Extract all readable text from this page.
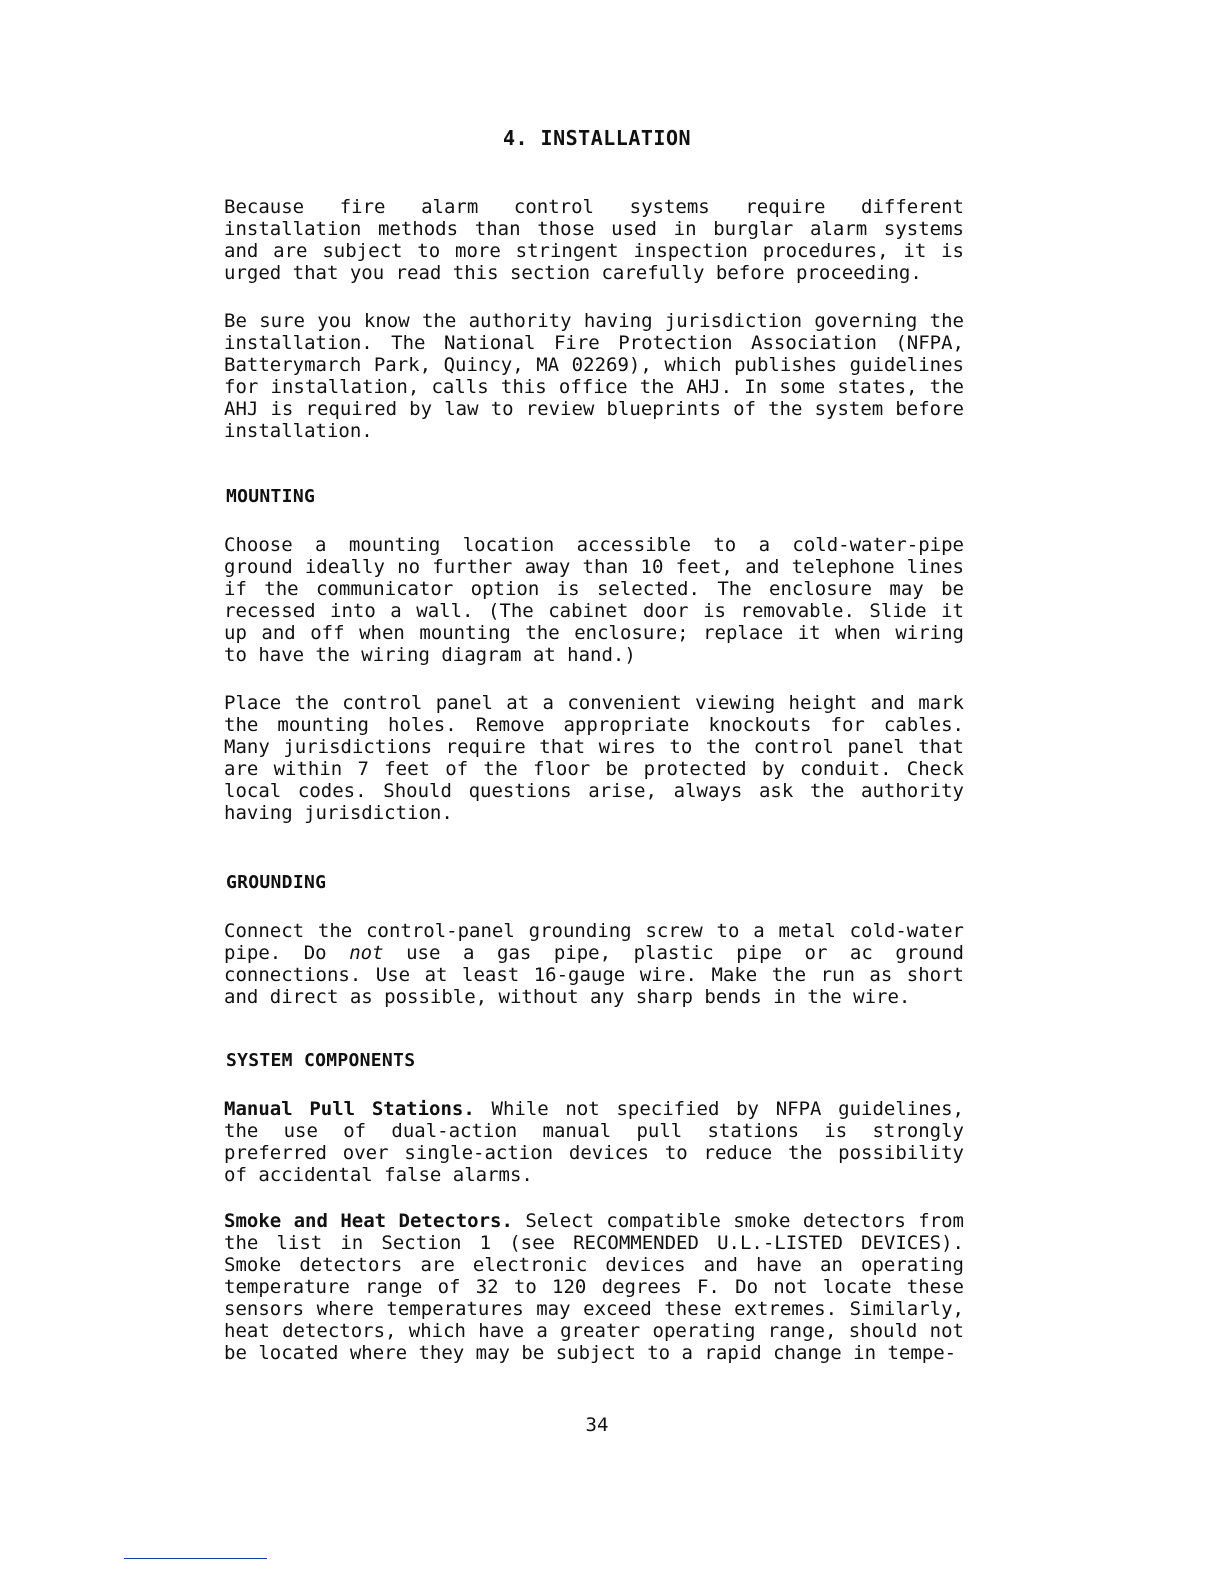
4. INSTALLATION

Because fire alarm control systems require different installation methods than those used in burglar alarm systems and are subject to more stringent inspection procedures, it is urged that you read this section carefully before proceeding.

Be sure you know the authority having jurisdiction governing the installation. The National Fire Protection Association (NFPA, Batterymarch Park, Quincy, MA 02269), which publishes guidelines for installation, calls this office the AHJ. In some states, the AHJ is required by law to review blueprints of the system before installation.

MOUNTING

Choose a mounting location accessible to a cold-water-pipe ground ideally no further away than 10 feet, and telephone lines if the communicator option is selected. The enclosure may be recessed into a wall. (The cabinet door is removable. Slide it up and off when mounting the enclosure; replace it when wiring to have the wiring diagram at hand.)

Place the control panel at a convenient viewing height and mark the mounting holes. Remove appropriate knockouts for cables. Many jurisdictions require that wires to the control panel that are within 7 feet of the floor be protected by conduit. Check local codes. Should questions arise, always ask the authority having jurisdiction.

GROUNDING

Connect the control-panel grounding screw to a metal cold-water pipe. Do not use a gas pipe, plastic pipe or ac ground connections. Use at least 16-gauge wire. Make the run as short and direct as possible, without any sharp bends in the wire.

SYSTEM COMPONENTS

Manual Pull Stations. While not specified by NFPA guidelines, the use of dual-action manual pull stations is strongly preferred over single-action devices to reduce the possibility of accidental false alarms.

Smoke and Heat Detectors. Select compatible smoke detectors from the list in Section 1 (see RECOMMENDED U.L.-LISTED DEVICES). Smoke detectors are electronic devices and have an operating temperature range of 32 to 120 degrees F. Do not locate these sensors where temperatures may exceed these extremes. Similarly, heat detectors, which have a greater operating range, should not be located where they may be subject to a rapid change in tempe-

34
